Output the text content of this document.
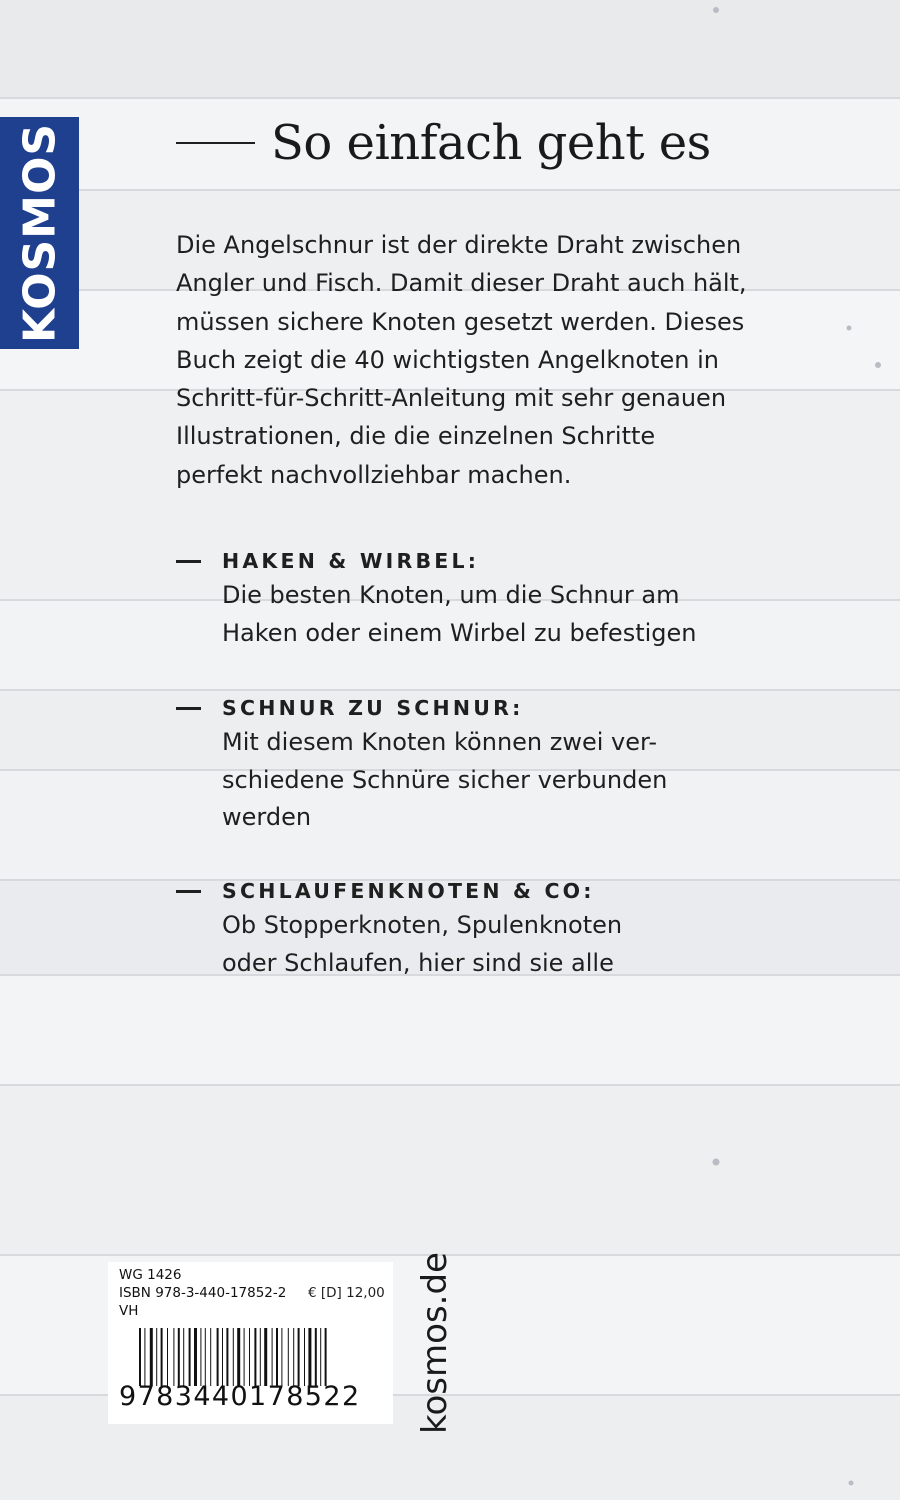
KOSMOS	So einfach geht es

Die Angelschnur ist der direkte Draht zwischen

Angler und Fisch. Damit dieser Draht auch hält,

müssen sichere Knoten gesetzt werden. Dieses

Buch zeigt die 40 wichtigsten Angelknoten in

Schritt-für-Schritt-Anleitung mit sehr genauen

Illustrationen, die die einzelnen Schritte

perfekt nachvollziehbar machen.

HAKEN & WIRBEL:

Die besten Knoten, um die Schnur am

Haken oder einem Wirbel zu befestigen

SCHNUR ZU SCHNUR:

Mit diesem Knoten können zwei ver-

schiedene Schnüre sicher verbunden

werden

SCHLAUFENKNOTEN & CO:

Ob Stopperknoten, Spulenknoten

oder Schlaufen, hier sind sie alle

WG 1426
ISBN 978-3-440-17852-2
VH
€ [D] 12,00
9783440178522 kosmos.de
